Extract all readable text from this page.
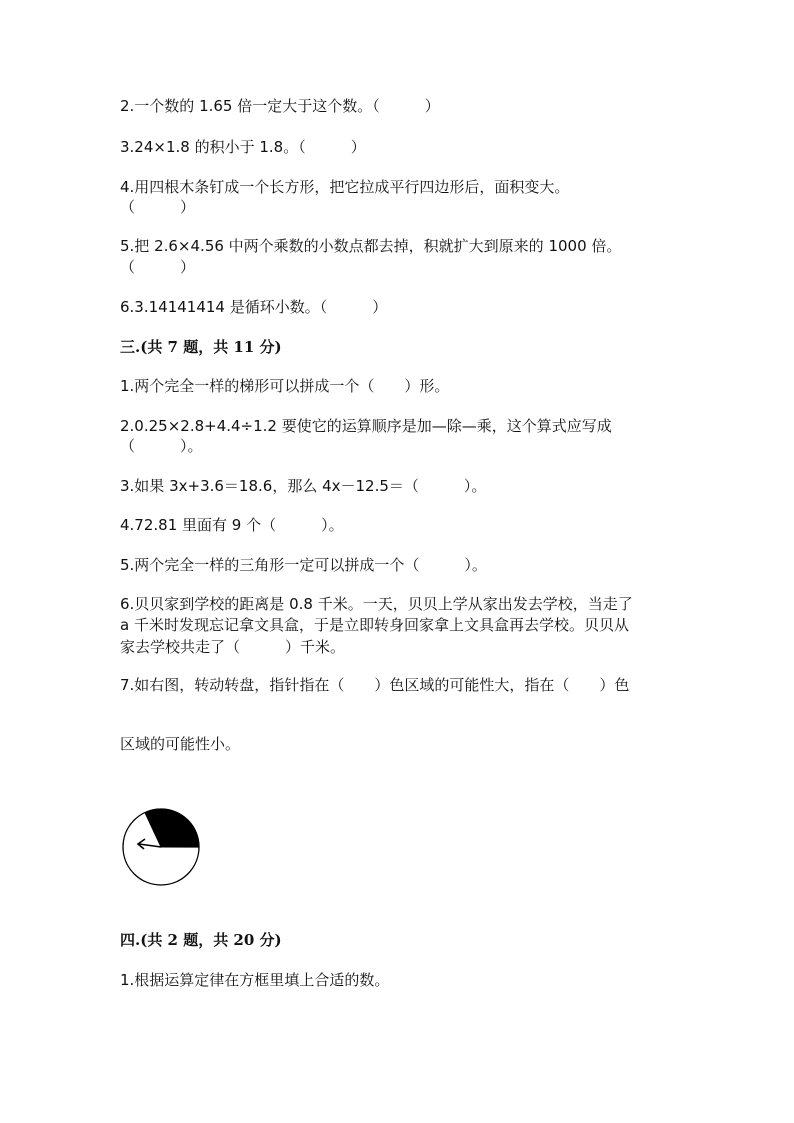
2.一个数的 1.65 倍一定大于这个数。（　　　）
3.24×1.8 的积小于 1.8。（　　　）
4.用四根木条钉成一个长方形，把它拉成平行四边形后，面积变大。
（　　　）
5.把 2.6×4.56 中两个乘数的小数点都去掉，积就扩大到原来的 1000 倍。
（　　　）
6.3.14141414 是循环小数。（　　　）
三.(共 7 题，共 11 分)
1.两个完全一样的梯形可以拼成一个（　　）形。
2.0.25×2.8+4.4÷1.2 要使它的运算顺序是加—除—乘，这个算式应写成
（　　　）。
3.如果 3x+3.6＝18.6，那么 4x－12.5＝（　　　）。
4.72.81 里面有 9 个（　　　）。
5.两个完全一样的三角形一定可以拼成一个（　　　）。
6.贝贝家到学校的距离是 0.8 千米。一天，贝贝上学从家出发去学校，当走了
a 千米时发现忘记拿文具盒，于是立即转身回家拿上文具盒再去学校。贝贝从
家去学校共走了（　　　）千米。
7.如右图，转动转盘，指针指在（　　）色区域的可能性大，指在（　　）色
区域的可能性小。
四.(共 2 题，共 20 分)
1.根据运算定律在方框里填上合适的数。
